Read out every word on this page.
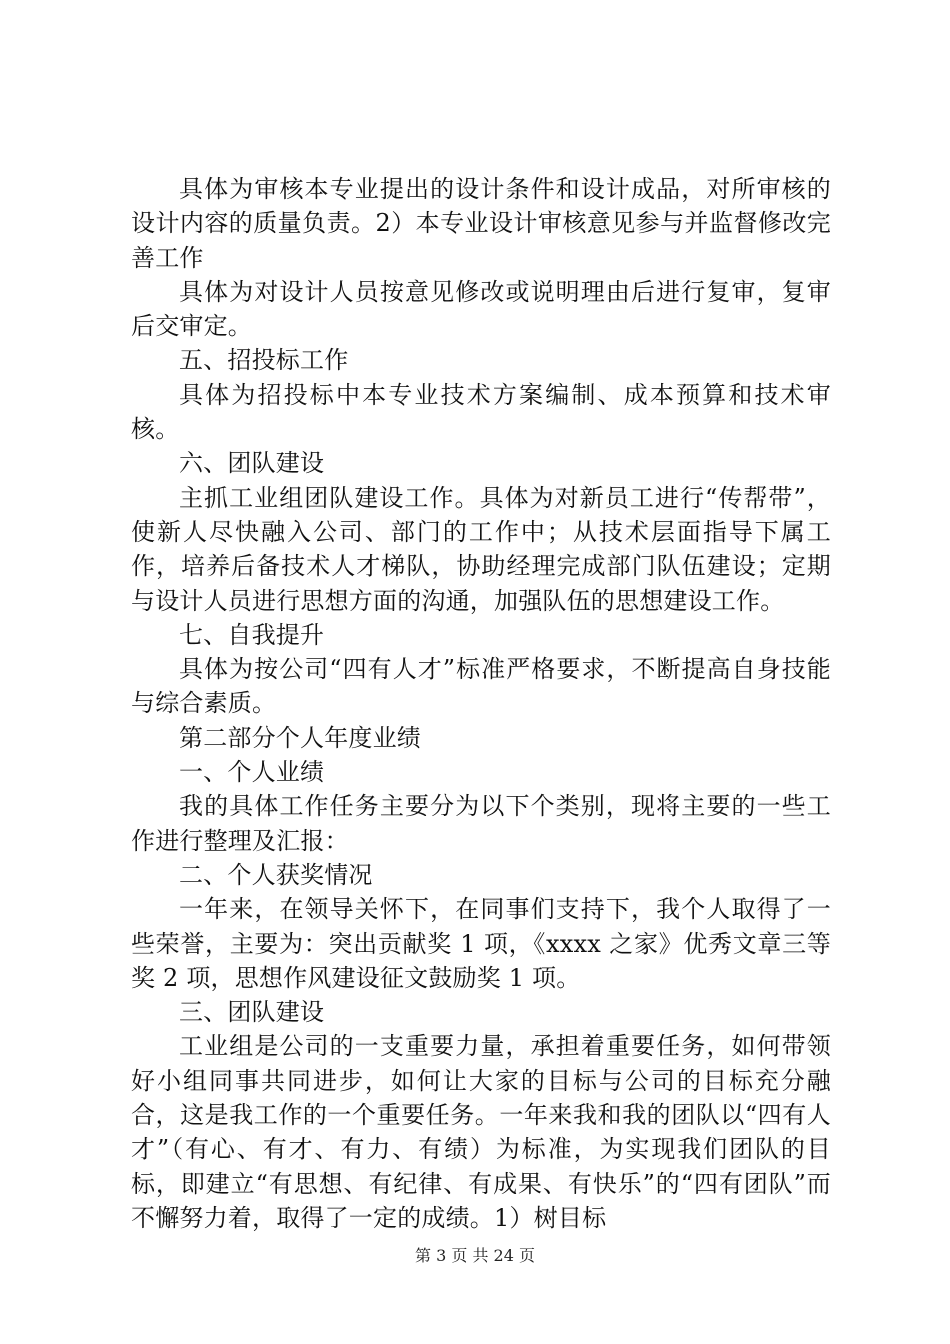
具体为审核本专业提出的设计条件和设计成品，对所审核的设计内容的质量负责。2）本专业设计审核意见参与并监督修改完善工作

具体为对设计人员按意见修改或说明理由后进行复审，复审后交审定。

五、招投标工作

具体为招投标中本专业技术方案编制、成本预算和技术审核。

六、团队建设

主抓工业组团队建设工作。具体为对新员工进行“传帮带”，使新人尽快融入公司、部门的工作中；从技术层面指导下属工作，培养后备技术人才梯队，协助经理完成部门队伍建设；定期与设计人员进行思想方面的沟通，加强队伍的思想建设工作。

七、自我提升

具体为按公司“四有人才”标准严格要求，不断提高自身技能与综合素质。

第二部分个人年度业绩

一、个人业绩

我的具体工作任务主要分为以下个类别，现将主要的一些工作进行整理及汇报：

二、个人获奖情况

一年来，在领导关怀下，在同事们支持下，我个人取得了一些荣誉，主要为：突出贡献奖 1 项，《xxxx 之家》优秀文章三等奖 2 项，思想作风建设征文鼓励奖 1 项。

三、团队建设

工业组是公司的一支重要力量，承担着重要任务，如何带领好小组同事共同进步，如何让大家的目标与公司的目标充分融合，这是我工作的一个重要任务。一年来我和我的团队以“四有人才”（有心、有才、有力、有绩）为标准，为实现我们团队的目标，即建立“有思想、有纪律、有成果、有快乐”的“四有团队”而不懈努力着，取得了一定的成绩。1）树目标

第 3 页 共 24 页
